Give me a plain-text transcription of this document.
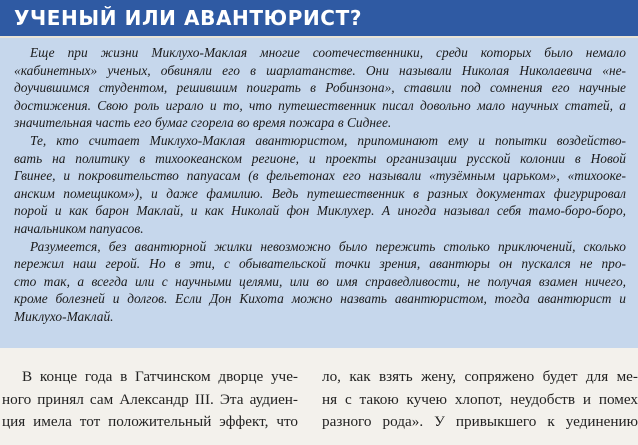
УЧЕНЫЙ ИЛИ АВАНТЮРИСТ?
Еще при жизни Миклухо-Маклая многие соотечественники, среди которых было немало
«кабинетных» ученых, обвиняли его в шарлатанстве. Они называли Николая Николаевича «не-
доучившимся студентом, решившим поиграть в Робинзона», ставили под сомнения его научные
достижения. Свою роль играло и то, что путешественник писал довольно мало научных статей, а
значительная часть его бумаг сгорела во время пожара в Сиднее.
Те, кто считает Миклухо-Маклая авантюристом, припоминают ему и попытки воздейство-
вать на политику в тихоокеанском регионе, и проекты организации русской колонии в Новой
Гвинее, и покровительство папуасам (в фельетонах его называли «тузёмным царьком», «тихооке-
анским помещиком»), и даже фамилию. Ведь путешественник в разных документах фигурировал
порой и как барон Маклай, и как Николай фон Миклухер. А иногда называл себя тамо-боро-боро,
начальником папуасов.
Разумеется, без авантюрной жилки невозможно было пережить столько приключений, сколько
пережил наш герой. Но в эти, с обывательской точки зрения, авантюры он пускался не про-
сто так, а всегда или с научными целями, или во имя справедливости, не получая взамен ничего,
кроме болезней и долгов. Если Дон Кихота можно назвать авантюристом, тогда авантюрист и
Миклухо-Маклай.
В конце года в Гатчинском дворце уче-
ного принял сам Александр III. Эта аудиен-
ция имела тот положительный эффект, что
ло, как взять жену, сопряжено будет для ме-
ня с такою кучею хлопот, неудобств и помех
разного рода». У привыкшего к уединению
